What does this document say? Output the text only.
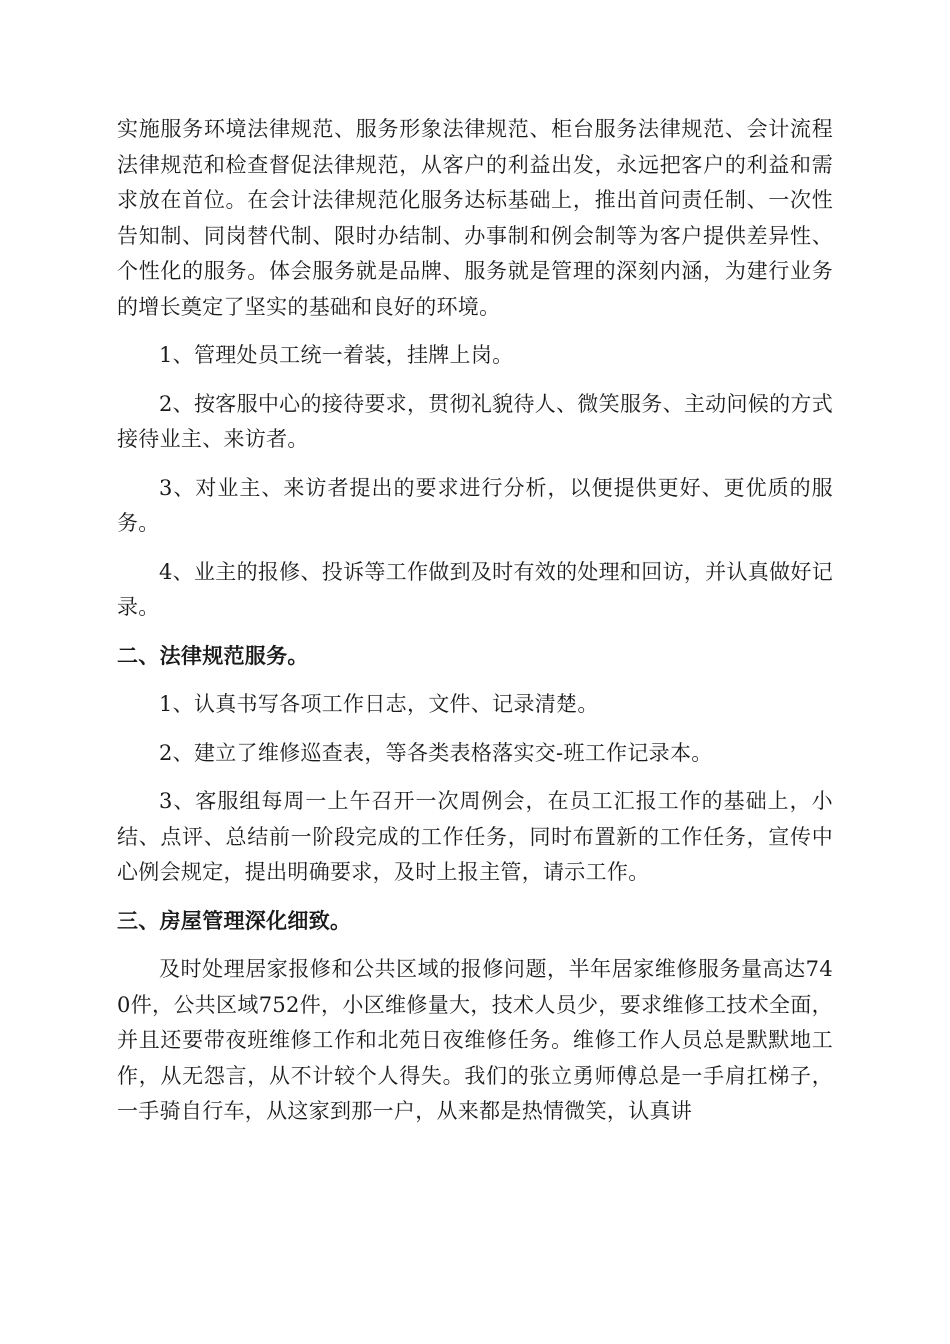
实施服务环境法律规范、服务形象法律规范、柜台服务法律规范、会计流程法律规范和检查督促法律规范，从客户的利益出发，永远把客户的利益和需求放在首位。在会计法律规范化服务达标基础上，推出首问责任制、一次性告知制、同岗替代制、限时办结制、办事制和例会制等为客户提供差异性、个性化的服务。体会服务就是品牌、服务就是管理的深刻内涵，为建行业务的增长奠定了坚实的基础和良好的环境。

1、管理处员工统一着装，挂牌上岗。

2、按客服中心的接待要求，贯彻礼貌待人、微笑服务、主动问候的方式接待业主、来访者。

3、对业主、来访者提出的要求进行分析，以便提供更好、更优质的服务。

4、业主的报修、投诉等工作做到及时有效的处理和回访，并认真做好记录。

二、法律规范服务。

1、认真书写各项工作日志，文件、记录清楚。

2、建立了维修巡查表，等各类表格落实交-班工作记录本。

3、客服组每周一上午召开一次周例会，在员工汇报工作的基础上，小结、点评、总结前一阶段完成的工作任务，同时布置新的工作任务，宣传中心例会规定，提出明确要求，及时上报主管，请示工作。

三、房屋管理深化细致。

及时处理居家报修和公共区域的报修问题，半年居家维修服务量高达740件，公共区域752件，小区维修量大，技术人员少，要求维修工技术全面，并且还要带夜班维修工作和北苑日夜维修任务。维修工作人员总是默默地工作，从无怨言，从不计较个人得失。我们的张立勇师傅总是一手肩扛梯子，一手骑自行车，从这家到那一户，从来都是热情微笑，认真讲
